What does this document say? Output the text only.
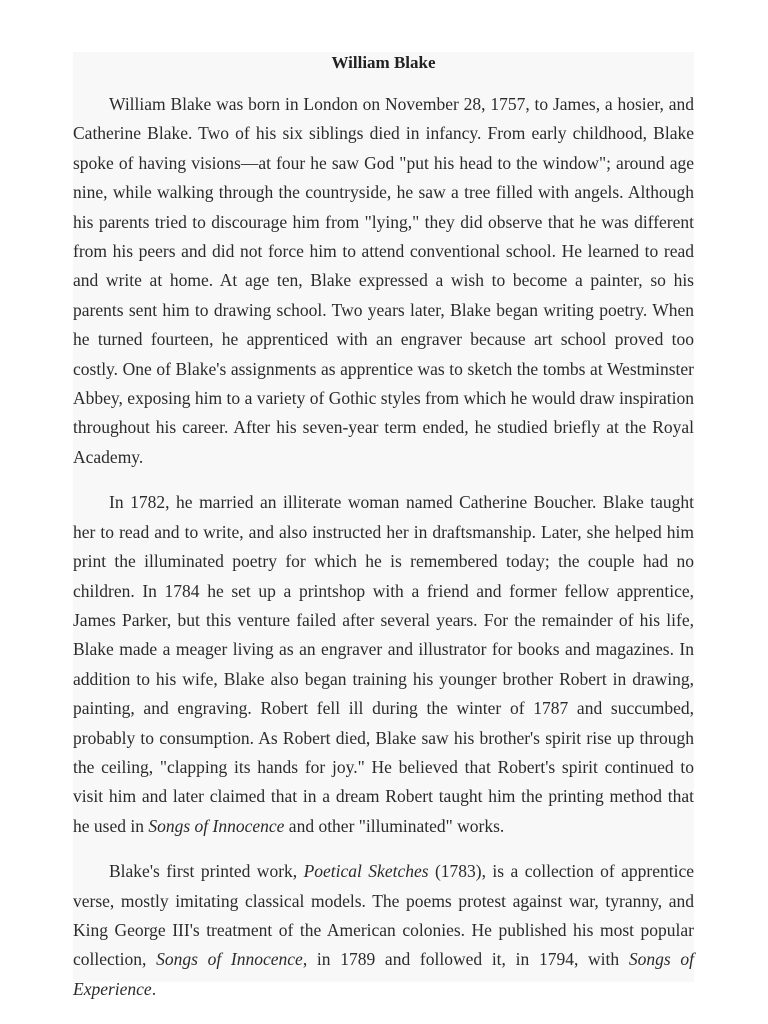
William Blake

William Blake was born in London on November 28, 1757, to James, a hosier, and Catherine Blake. Two of his six siblings died in infancy. From early childhood, Blake spoke of having visions—at four he saw God "put his head to the window"; around age nine, while walking through the countryside, he saw a tree filled with angels. Although his parents tried to discourage him from "lying," they did observe that he was different from his peers and did not force him to attend conventional school. He learned to read and write at home. At age ten, Blake expressed a wish to become a painter, so his parents sent him to drawing school. Two years later, Blake began writing poetry. When he turned fourteen, he apprenticed with an engraver because art school proved too costly. One of Blake's assignments as apprentice was to sketch the tombs at Westminster Abbey, exposing him to a variety of Gothic styles from which he would draw inspiration throughout his career. After his seven-year term ended, he studied briefly at the Royal Academy.

In 1782, he married an illiterate woman named Catherine Boucher. Blake taught her to read and to write, and also instructed her in draftsmanship. Later, she helped him print the illuminated poetry for which he is remembered today; the couple had no children. In 1784 he set up a printshop with a friend and former fellow apprentice, James Parker, but this venture failed after several years. For the remainder of his life, Blake made a meager living as an engraver and illustrator for books and magazines. In addition to his wife, Blake also began training his younger brother Robert in drawing, painting, and engraving. Robert fell ill during the winter of 1787 and succumbed, probably to consumption. As Robert died, Blake saw his brother's spirit rise up through the ceiling, "clapping its hands for joy." He believed that Robert's spirit continued to visit him and later claimed that in a dream Robert taught him the printing method that he used in Songs of Innocence and other "illuminated" works.

Blake's first printed work, Poetical Sketches (1783), is a collection of apprentice verse, mostly imitating classical models. The poems protest against war, tyranny, and King George III's treatment of the American colonies. He published his most popular collection, Songs of Innocence, in 1789 and followed it, in 1794, with Songs of Experience.
